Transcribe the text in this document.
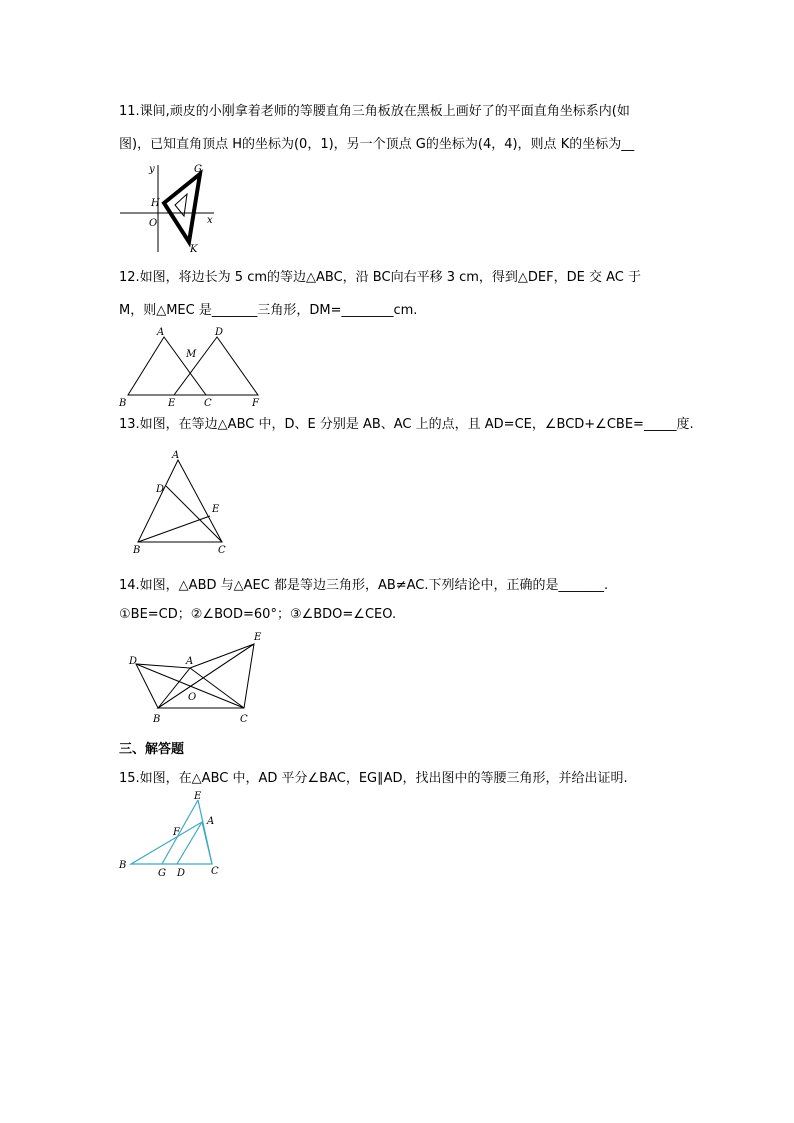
11.课间,顽皮的小刚拿着老师的等腰直角三角板放在黑板上画好了的平面直角坐标系内(如
图)，已知直角顶点 H的坐标为(0，1)，另一个顶点 G的坐标为(4，4)，则点 K的坐标为__
y	G
H
O	x
K
12.如图，将边长为 5 cm的等边△ABC，沿 BC向右平移 3 cm，得到△DEF，DE 交 AC 于
M，则△MEC 是_______三角形，DM=________cm.
A	D
M
B	E	C	F
13.如图，在等边△ABC 中，D、E 分别是 AB、AC 上的点，且 AD=CE，∠BCD+∠CBE=_____度.
A
D
E
B	C
14.如图，△ABD 与△AEC 都是等边三角形，AB≠AC.下列结论中，正确的是_______.
①BE=CD；②∠BOD=60°；③∠BDO=∠CEO.
D	A
E
O
B	C
三、解答题
15.如图，在△ABC 中，AD 平分∠BAC，EG∥AD，找出图中的等腰三角形，并给出证明.
E
A
F
B
G D	C
